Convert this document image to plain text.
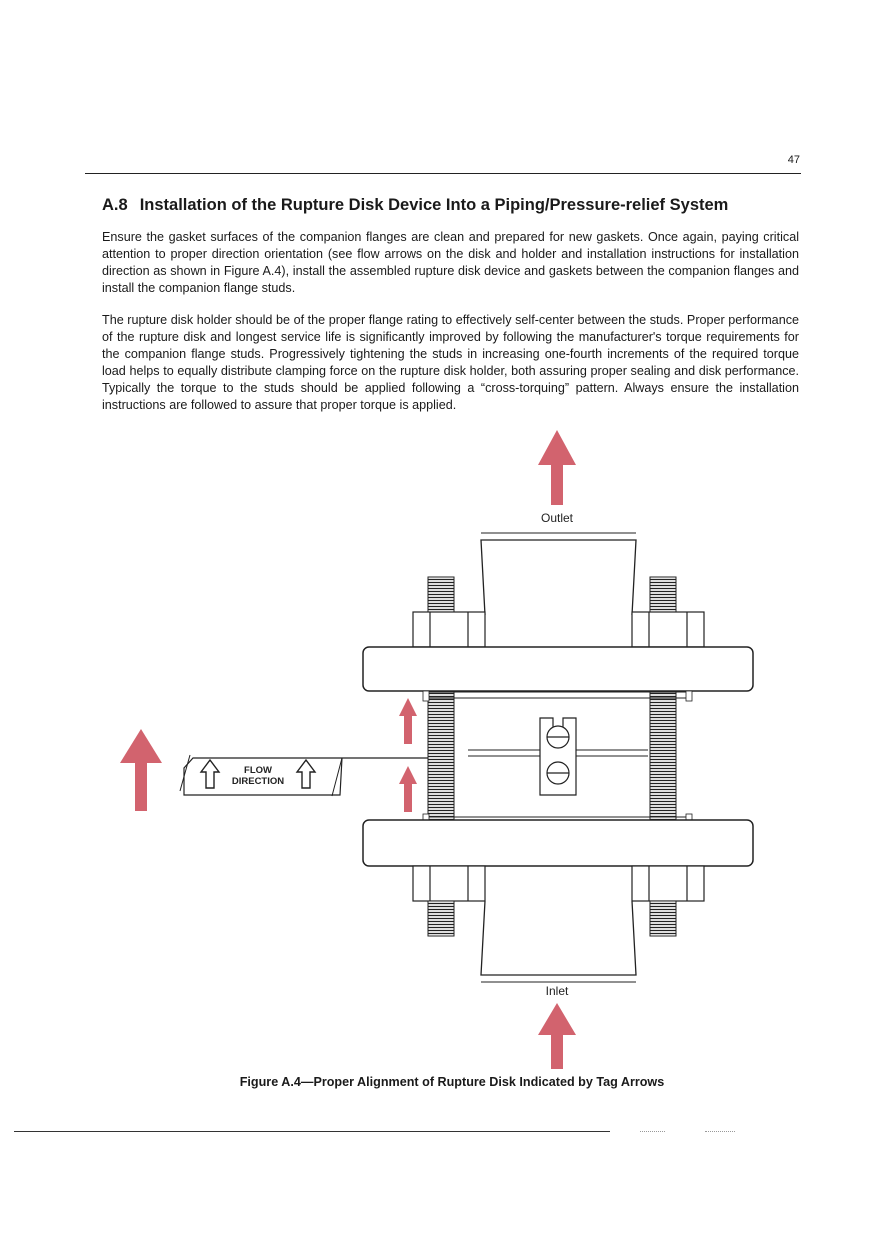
47
A.8 Installation of the Rupture Disk Device Into a Piping/Pressure-relief System

Ensure the gasket surfaces of the companion flanges are clean and prepared for new gaskets. Once again, paying critical attention to proper direction orientation (see flow arrows on the disk and holder and installation instructions for installation direction as shown in Figure A.4), install the assembled rupture disk device and gaskets between the companion flanges and install the companion flange studs.

The rupture disk holder should be of the proper flange rating to effectively self-center between the studs. Proper performance of the rupture disk and longest service life is significantly improved by following the manufacturer's torque requirements for the companion flange studs. Progressively tightening the studs in increasing one-fourth increments of the required torque load helps to equally distribute clamping force on the rupture disk holder, both assuring proper sealing and disk performance. Typically the torque to the studs should be applied following a “cross-torquing” pattern. Always ensure the installation instructions are followed to assure that proper torque is applied.

Outlet
FLOW
DIRECTION
Inlet

Figure A.4—Proper Alignment of Rupture Disk Indicated by Tag Arrows
